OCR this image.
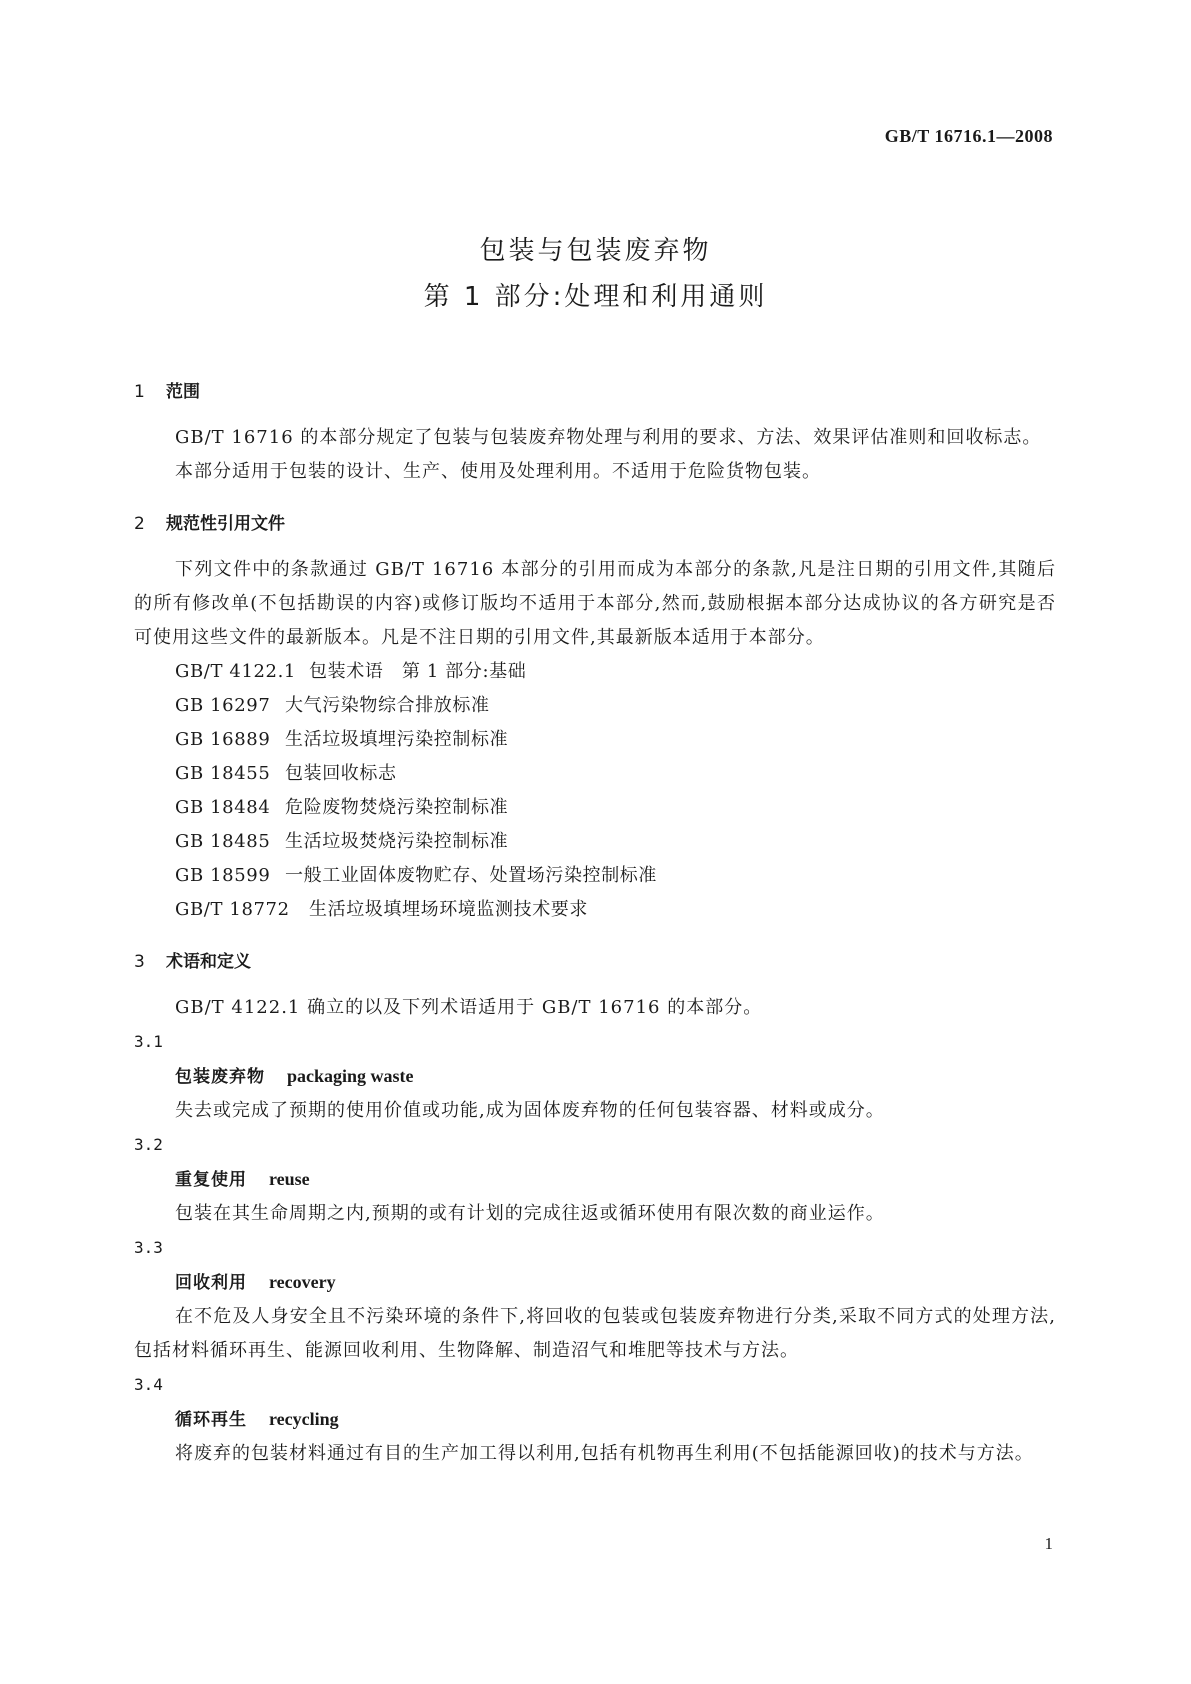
GB/T 16716.1—2008
包装与包装废弃物
第 1 部分:处理和利用通则
1	范围

GB/T 16716 的本部分规定了包装与包装废弃物处理与利用的要求、方法、效果评估准则和回收标志。

本部分适用于包装的设计、生产、使用及处理利用。不适用于危险货物包装。

2	规范性引用文件

下列文件中的条款通过 GB/T 16716 本部分的引用而成为本部分的条款,凡是注日期的引用文件,其随后的所有修改单(不包括勘误的内容)或修订版均不适用于本部分,然而,鼓励根据本部分达成协议的各方研究是否可使用这些文件的最新版本。凡是不注日期的引用文件,其最新版本适用于本部分。

GB/T 4122.1 包装术语　第 1 部分:基础
GB 16297 大气污染物综合排放标准
GB 16889 生活垃圾填埋污染控制标准
GB 18455 包装回收标志
GB 18484 危险废物焚烧污染控制标准
GB 18485 生活垃圾焚烧污染控制标准
GB 18599 一般工业固体废物贮存、处置场污染控制标准
GB/T 18772 生活垃圾填埋场环境监测技术要求
3	术语和定义

GB/T 4122.1 确立的以及下列术语适用于 GB/T 16716 的本部分。

3.1
包装废弃物 packaging waste

失去或完成了预期的使用价值或功能,成为固体废弃物的任何包装容器、材料或成分。

3.2
重复使用 reuse

包装在其生命周期之内,预期的或有计划的完成往返或循环使用有限次数的商业运作。

3.3
回收利用 recovery

在不危及人身安全且不污染环境的条件下,将回收的包装或包装废弃物进行分类,采取不同方式的处理方法,包括材料循环再生、能源回收利用、生物降解、制造沼气和堆肥等技术与方法。

3.4
循环再生 recycling

将废弃的包装材料通过有目的生产加工得以利用,包括有机物再生利用(不包括能源回收)的技术与方法。

1
